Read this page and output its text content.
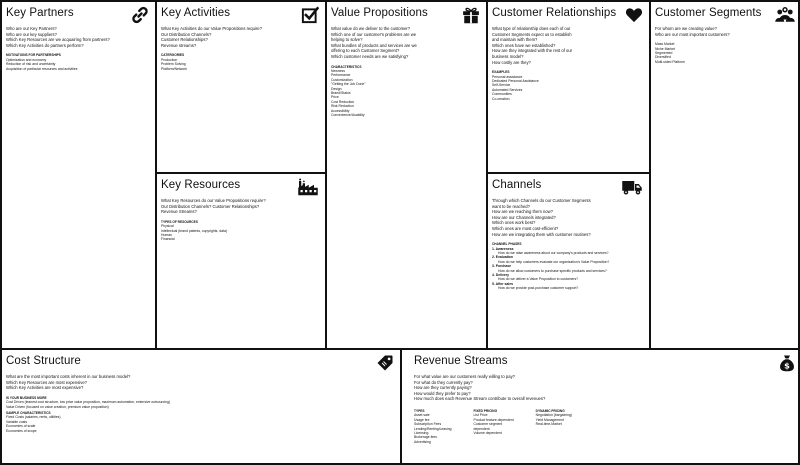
Key Partners
Who are our Key Partners?
Who are our key suppliers?
Which Key Resources are we acquairing from partners?
Which Key Activities do partners perform?
MOTIVATIONS FOR PARTNERSHIPS
Optimization and economy
Reduction of risk and uncertainty
Acquisition of particular resources and activities
Key Activities
What Key Activities do our Value Propositions require?
Our Distribution Channels?
Customer Relationships?
Revenue streams?
CATERGORIES
Production
Problem Solving
Platform/Network
Key Resources
What Key Resources do our Value Propositions require?
Our Distribution Channels? Customer Relationships?
Revenue Streams?
TYPES OF RESOURCES
Physical
Intellectual (brand patents, copyrights, data)
Human
Financial
Value Propositions
What value do we deliver to the customer?
Which one of our customer's problems are we
helping to solve?
What bundles of products and services are we
offering to each Customer Segment?
Which customer needs are we satisfying?
CHARACTERISTICS
Newness
Performance
Customization
"Getting the Job Done"
Design
Brand/Status
Price
Cost Reduction
Risk Reduction
Accessibility
Convenience/Usability
Customer Relationships
What type of relationship does each of our
Customer Segments expect us to establish
and maintain with them?
Which ones have we established?
How are they integrated with the rest of our
business model?
How costly are they?
EXAMPLES
Personal assistance
Dedicated Personal Assistance
Self-Service
Automated Services
Communities
Co-creation
Channels
Through which Channels do our Customer Segments
want to be reached?
How are we reaching them now?
How are our Channels integrated?
Which ones work best?
Which ones are most cost-efficient?
How are we integrating them with customer routines?
CHANNEL PHASES
1. Awareness
How do we raise awareness about our company's products and services?
2. Evaluation
How do we help customers evaluate our organization's Value Proposition?
3. Purchase
How do we allow customers to purchase specific products and services?
4. Delivery
How do we deliver a Value Proposition to customers?
5. After sales
How do we provide post-purchase customer support?
Customer Segments
For whom are we creating value?
Who are our most important customers?
Mass Market
Niche Market
Segmented
Diversified
Multi-sided Platform
Cost Structure
What are the most important costs inherent in our business model?
Which Key Resources are most expensive?
Which Key Activities are most expensive?
IS YOUR BUSINESS MORE
Cost Driven (leanest cost structure, low price value proposition, maximum automation, extensive outsourcing)
Value Driven (focused on value creation, premium value proposition)
SAMPLE CHARACTERISTICS
Fixed Costs (salaries, rents, utilities)
Variable costs
Economies of scale
Economies of scope
Revenue Streams	$
For what value are our customers really willing to pay?
For what do they currently pay?
How are they currently paying?
How would they prefer to pay?
How much does each Revenue Stream contribute to overall revenues?
TYPES
Asset sale
Usage fee
Subscription Fees
Lending/Renting/Leasing
Licensing
Brokerage fees
Advertising
FIXED PRICING
List Price
Product feature dependent
Customer segment
dependent
Volume dependent
DYNAMIC PRICING
Negotiation (bargaining)
Yield Management
Real-time-Market
